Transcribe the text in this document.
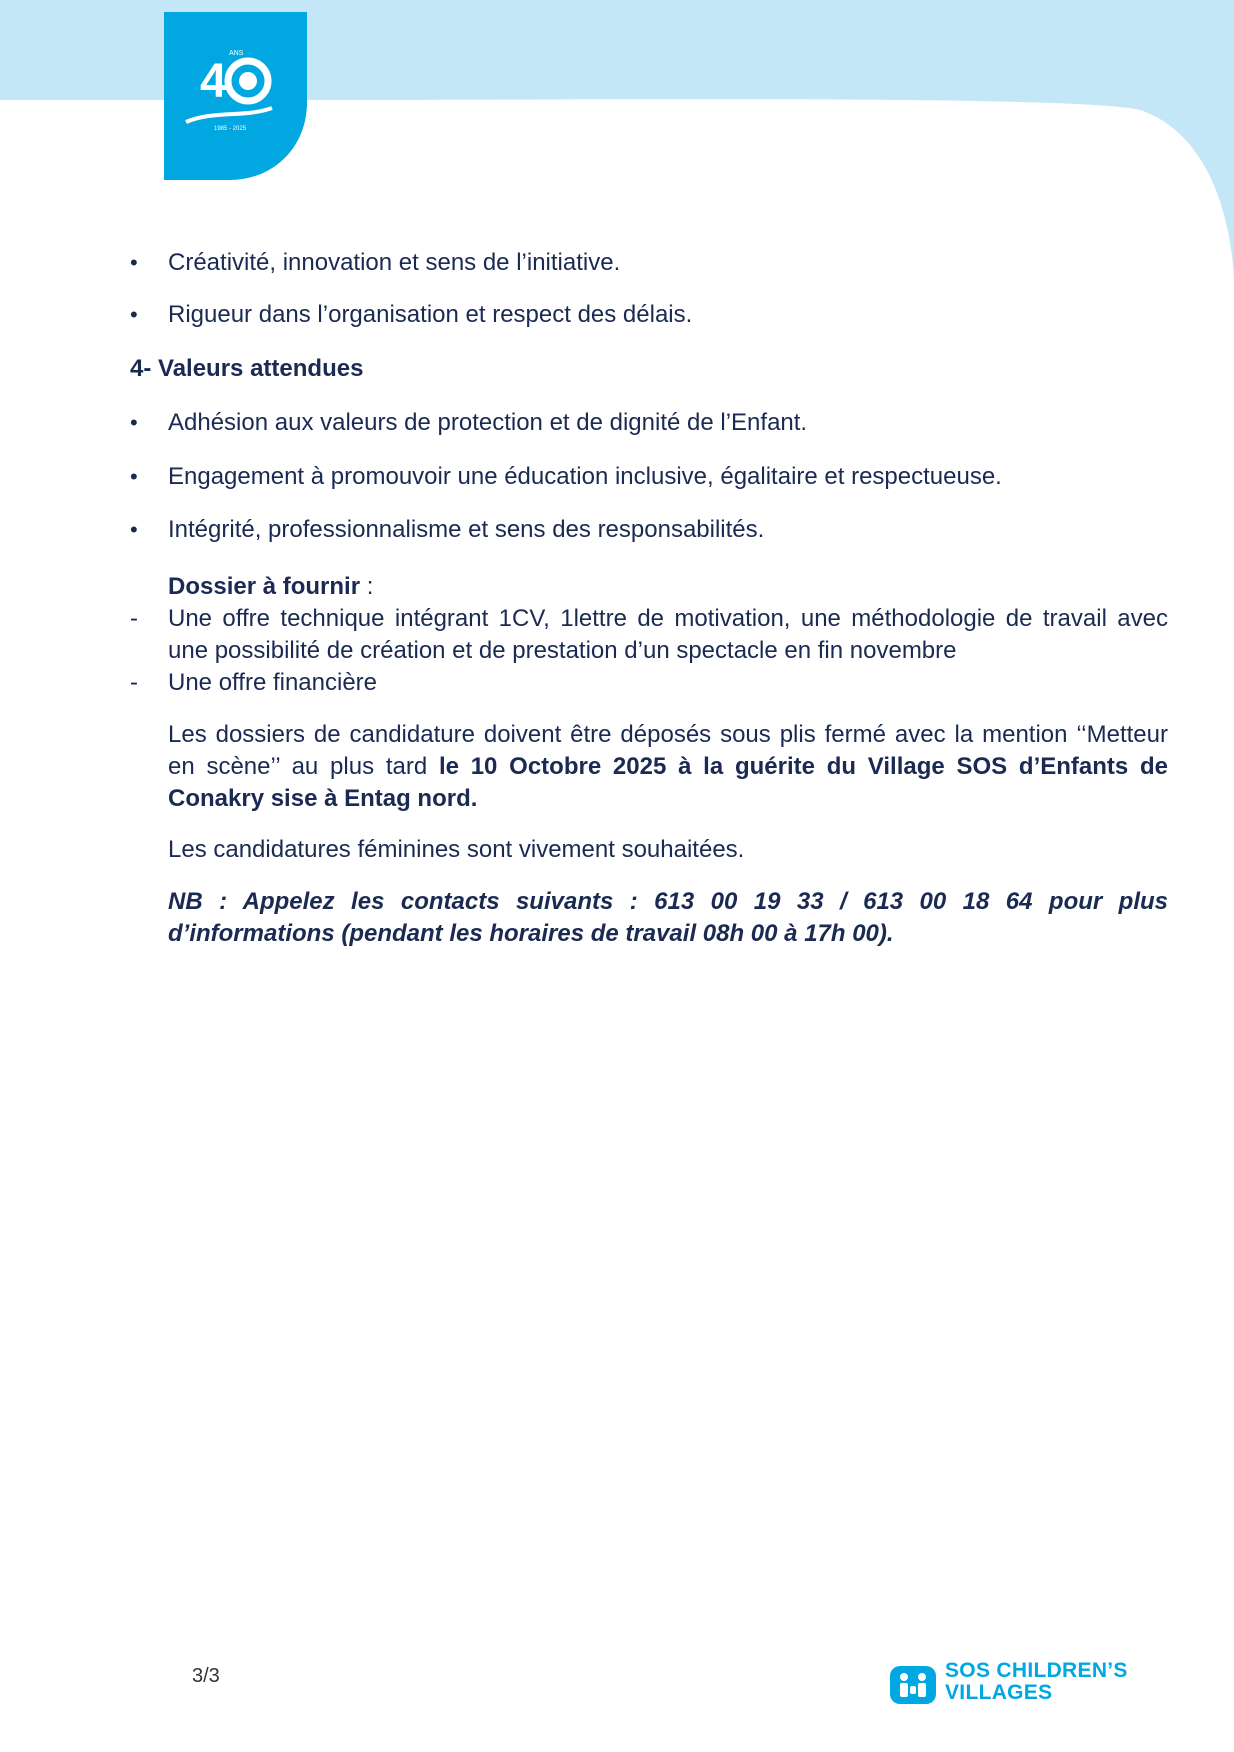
4
ANS
1985 - 2025
•	Créativité, innovation et sens de l’initiative.
•	Rigueur dans l’organisation et respect des délais.
4- Valeurs attendues
•	Adhésion aux valeurs de protection et de dignité de l’Enfant.
•	Engagement à promouvoir une éducation inclusive, égalitaire et respectueuse.
•	Intégrité, professionnalisme et sens des responsabilités.
Dossier à fournir :
-	Une offre technique intégrant 1CV, 1lettre de motivation, une méthodologie de travail avec une possibilité de création et de prestation d’un spectacle en fin novembre
-	Une offre financière
Les dossiers de candidature doivent être déposés sous plis fermé avec la mention ‘‘Metteur en scène’’ au plus tard le 10 Octobre 2025 à la guérite du Village SOS d’Enfants de Conakry sise à Entag nord.
Les candidatures féminines sont vivement souhaitées.
NB : Appelez les contacts suivants : 613 00 19 33 / 613 00 18 64 pour plus d’informations (pendant les horaires de travail 08h 00 à 17h 00).
3/3	SOS CHILDREN’S
VILLAGES
